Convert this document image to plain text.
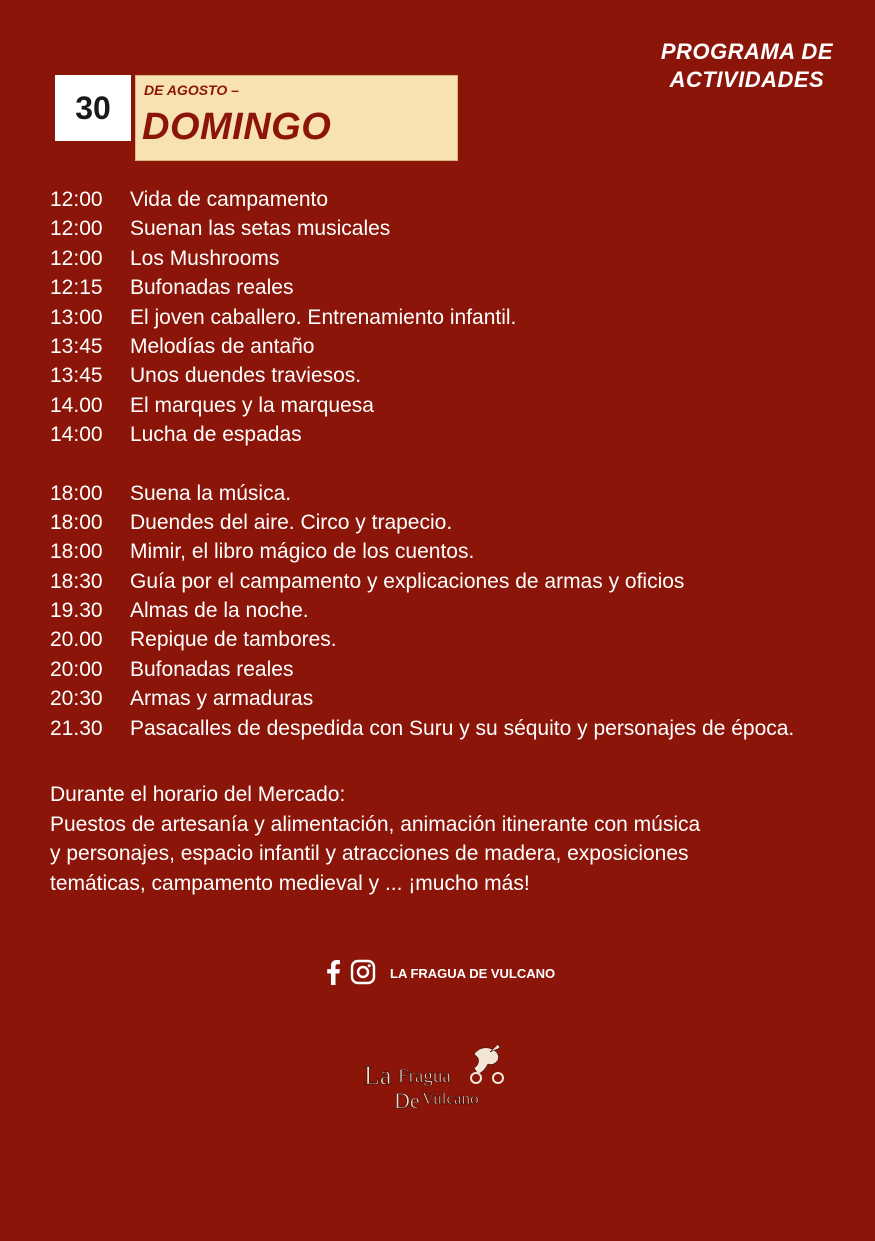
PROGRAMA DE
ACTIVIDADES
30 DE AGOSTO –
DOMINGO
12:00 Vida de campamento
12:00 Suenan las setas musicales
12:00 Los Mushrooms
12:15 Bufonadas reales
13:00 El joven caballero. Entrenamiento infantil.
13:45 Melodías de antaño
13:45 Unos duendes traviesos.
14.00 El marques y la marquesa
14:00 Lucha de espadas
18:00 Suena la música.
18:00 Duendes del aire. Circo y trapecio.
18:00 Mimir, el libro mágico de los cuentos.
18:30 Guía por el campamento y explicaciones de armas y oficios
19.30 Almas de la noche.
20.00 Repique de tambores.
20:00 Bufonadas reales
20:30 Armas y armaduras
21.30 Pasacalles de despedida con Suru y su séquito y personajes de época.
Durante el horario del Mercado:
Puestos de artesanía y alimentación, animación itinerante con música
y personajes, espacio infantil y atracciones de madera, exposiciones
temáticas, campamento medieval y ... ¡mucho más!
LA FRAGUA DE VULCANO
La Fragua
De Vulcano
